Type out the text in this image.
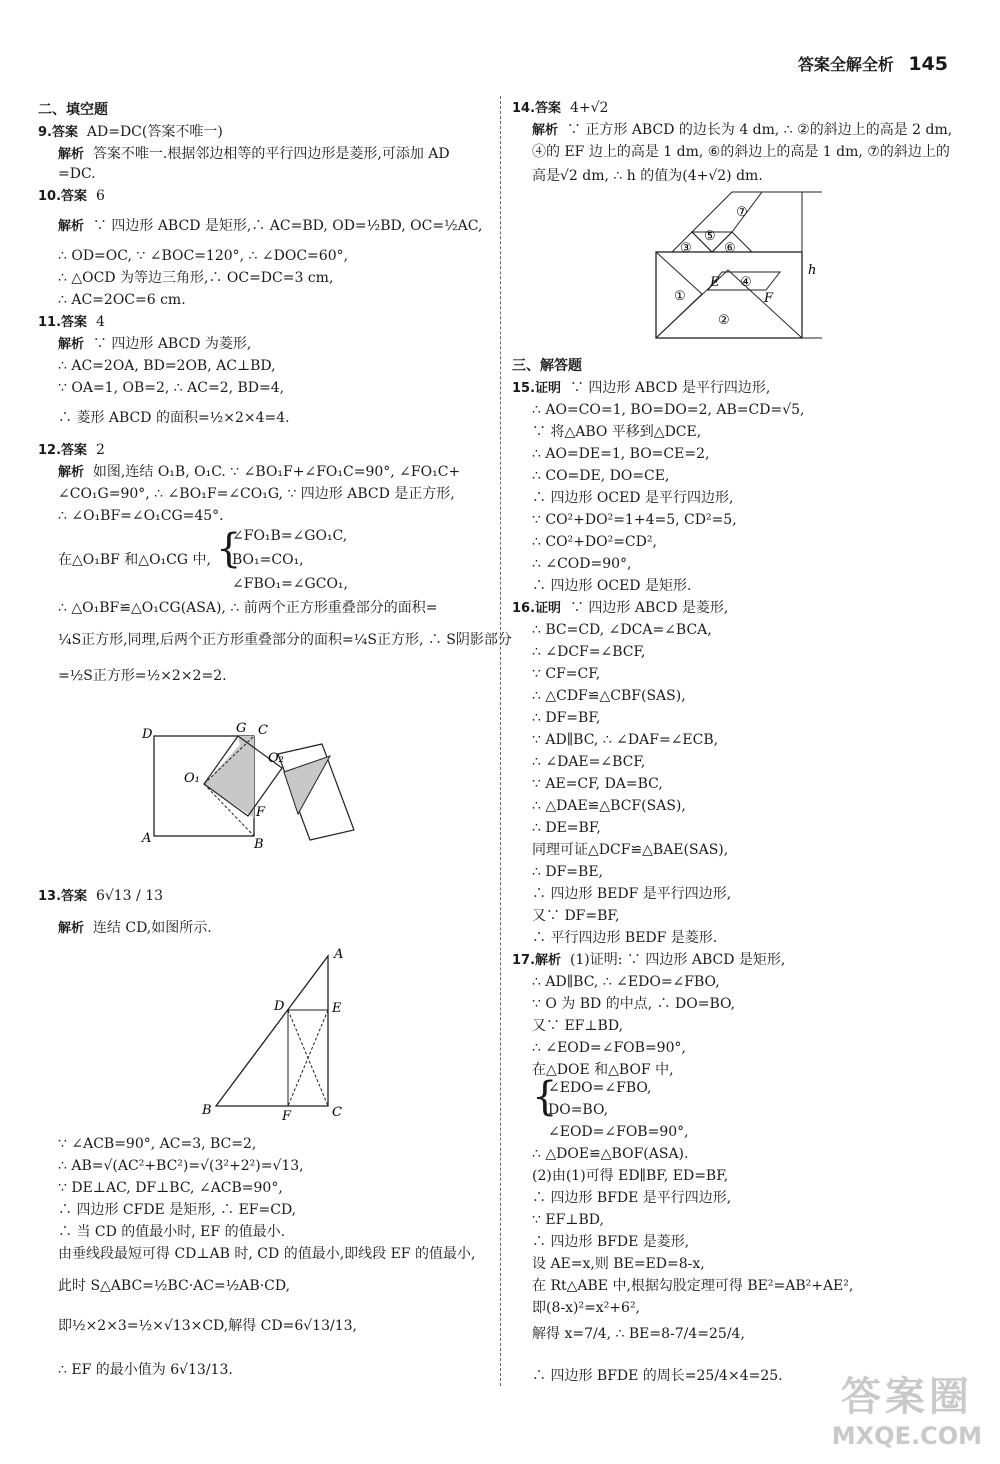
答案全解全析 145
二、填空题
9.答案 AD=DC(答案不唯一)
解析 答案不唯一.根据邻边相等的平行四边形是菱形,可添加 AD
=DC.
10.答案 6
解析 ∵ 四边形 ABCD 是矩形,∴ AC=BD, OD=½BD, OC=½AC,
∴ OD=OC, ∵ ∠BOC=120°, ∴ ∠DOC=60°,
∴ △OCD 为等边三角形,∴ OC=DC=3 cm,
∴ AC=2OC=6 cm.
11.答案 4
解析 ∵ 四边形 ABCD 为菱形,
∴ AC=2OA, BD=2OB, AC⊥BD,
∵ OA=1, OB=2, ∴ AC=2, BD=4,
∴ 菱形 ABCD 的面积=½×2×4=4.
12.答案 2
解析 如图,连结 O₁B, O₁C. ∵ ∠BO₁F+∠FO₁C=90°, ∠FO₁C+
∠CO₁G=90°, ∴ ∠BO₁F=∠CO₁G, ∵ 四边形 ABCD 是正方形,
∴ ∠O₁BF=∠O₁CG=45°.
在△O₁BF 和△O₁CG 中, {
∠FO₁B=∠GO₁C,
BO₁=CO₁,
∠FBO₁=∠GCO₁,
∴ △O₁BF≌△O₁CG(ASA), ∴ 前两个正方形重叠部分的面积=
¼S正方形,同理,后两个正方形重叠部分的面积=¼S正方形, ∴ S阴影部分
=½S正方形=½×2×2=2.
D	G C
O₁
O₂
F
A	B
13.答案 6√13 / 13
解析 连结 CD,如图所示.
A
D	E
B	F	C
∵ ∠ACB=90°, AC=3, BC=2,
∴ AB=√(AC²+BC²)=√(3²+2²)=√13,
∵ DE⊥AC, DF⊥BC, ∠ACB=90°,
∴ 四边形 CFDE 是矩形, ∴ EF=CD,
∴ 当 CD 的值最小时, EF 的值最小.
由垂线段最短可得 CD⊥AB 时, CD 的值最小,即线段 EF 的值最小,
此时 S△ABC=½BC·AC=½AB·CD,
即½×2×3=½×√13×CD,解得 CD=6√13/13,
∴ EF 的最小值为 6√13/13.
14.答案 4+√2
解析 ∵ 正方形 ABCD 的边长为 4 dm, ∴ ②的斜边上的高是 2 dm,
④的 EF 边上的高是 1 dm, ⑥的斜边上的高是 1 dm, ⑦的斜边上的
高是√2 dm, ∴ h 的值为(4+√2) dm.
⑦
⑤
③ ⑥
④
①
②
E
F
h
三、解答题
15.证明 ∵ 四边形 ABCD 是平行四边形,
∴ AO=CO=1, BO=DO=2, AB=CD=√5,
∵ 将△ABO 平移到△DCE,
∴ AO=DE=1, BO=CE=2,
∴ CO=DE, DO=CE,
∴ 四边形 OCED 是平行四边形,
∵ CO²+DO²=1+4=5, CD²=5,
∴ CO²+DO²=CD²,
∴ ∠COD=90°,
∴ 四边形 OCED 是矩形.
16.证明 ∵ 四边形 ABCD 是菱形,
∴ BC=CD, ∠DCA=∠BCA,
∴ ∠DCF=∠BCF,
∵ CF=CF,
∴ △CDF≌△CBF(SAS),
∴ DF=BF,
∵ AD∥BC, ∴ ∠DAF=∠ECB,
∴ ∠DAE=∠BCF,
∵ AE=CF, DA=BC,
∴ △DAE≌△BCF(SAS),
∴ DE=BF,
同理可证△DCF≌△BAE(SAS),
∴ DF=BE,
∴ 四边形 BEDF 是平行四边形,
又∵ DF=BF,
∴ 平行四边形 BEDF 是菱形.
17.解析 (1)证明: ∵ 四边形 ABCD 是矩形,
∴ AD∥BC, ∴ ∠EDO=∠FBO,
∵ O 为 BD 的中点, ∴ DO=BO,
又∵ EF⊥BD,
∴ ∠EOD=∠FOB=90°,
在△DOE 和△BOF 中,
{
∠EDO=∠FBO,
DO=BO,
∠EOD=∠FOB=90°,
∴ △DOE≌△BOF(ASA).
(2)由(1)可得 ED∥BF, ED=BF,
∴ 四边形 BFDE 是平行四边形,
∵ EF⊥BD,
∴ 四边形 BFDE 是菱形,
设 AE=x,则 BE=ED=8-x,
在 Rt△ABE 中,根据勾股定理可得 BE²=AB²+AE²,
即(8-x)²=x²+6²,
解得 x=7/4, ∴ BE=8-7/4=25/4,
∴ 四边形 BFDE 的周长=25/4×4=25. 答案圈
MXQE.COM
